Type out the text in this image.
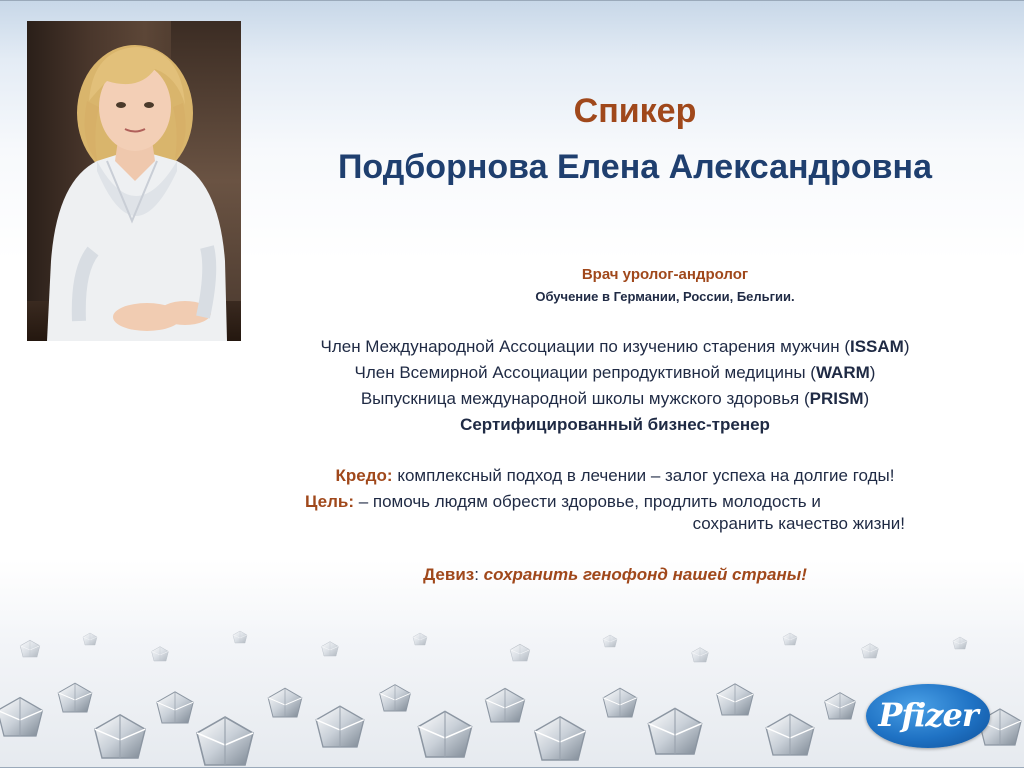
Спикер
Подборнова Елена Александровна
Врач уролог-андролог
Обучение в Германии, России, Бельгии.
Член Международной Ассоциации по изучению старения мужчин (ISSAM)
Член Всемирной Ассоциации репродуктивной медицины (WARM)
Выпускница международной школы мужского здоровья (PRISM)
Сертифицированный бизнес-тренер
Кредо: комплексный подход в лечении – залог успеха на долгие годы!
Цель: – помочь людям обрести здоровье, продлить молодость и
сохранить качество жизни!
Девиз: сохранить генофонд нашей страны!
Pfizer
